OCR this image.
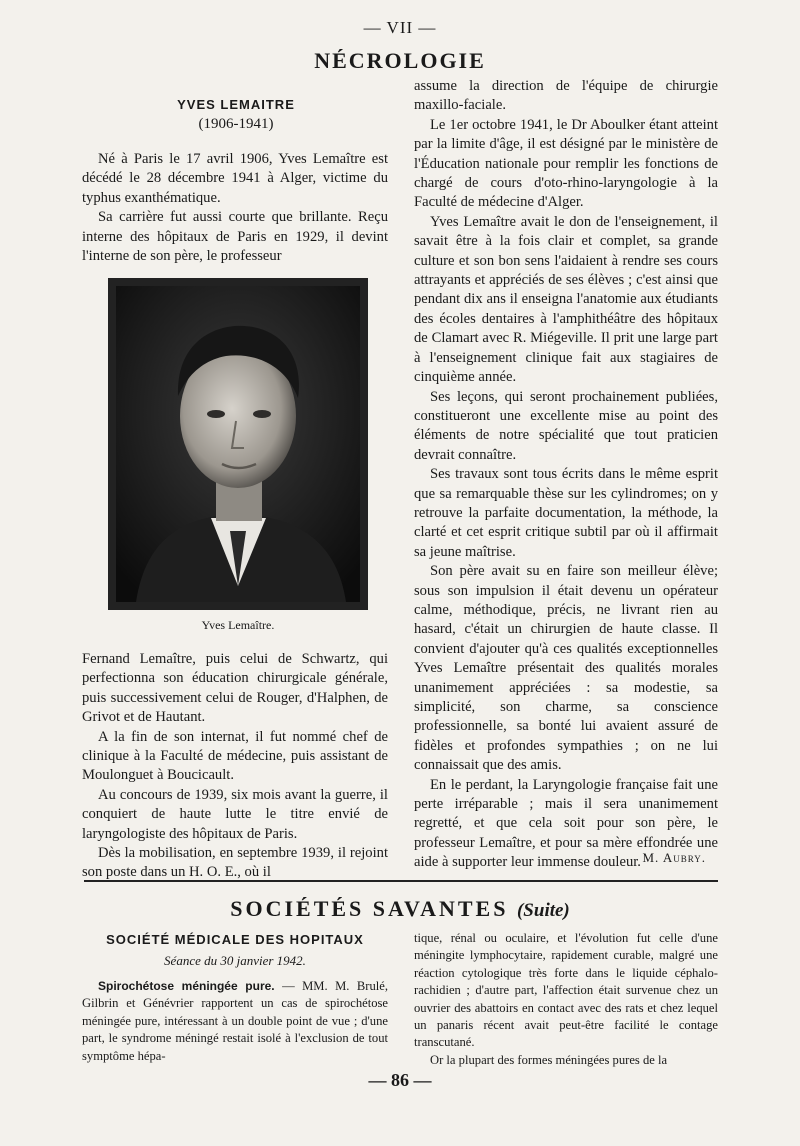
— VII —
NÉCROLOGIE
YVES LEMAITRE
(1906-1941)

Né à Paris le 17 avril 1906, Yves Lemaître est décédé le 28 décembre 1941 à Alger, victime du typhus exanthématique.

Sa carrière fut aussi courte que brillante. Reçu interne des hôpitaux de Paris en 1929, il devint l'interne de son père, le professeur

Yves Lemaître.

Fernand Lemaître, puis celui de Schwartz, qui perfectionna son éducation chirurgicale générale, puis successivement celui de Rouger, d'Halphen, de Grivot et de Hautant.

A la fin de son internat, il fut nommé chef de clinique à la Faculté de médecine, puis assistant de Moulonguet à Boucicault.

Au concours de 1939, six mois avant la guerre, il conquiert de haute lutte le titre envié de laryngologiste des hôpitaux de Paris.

Dès la mobilisation, en septembre 1939, il rejoint son poste dans un H. O. E., où il

assume la direction de l'équipe de chirurgie maxillo-faciale.

Le 1er octobre 1941, le Dr Aboulker étant atteint par la limite d'âge, il est désigné par le ministère de l'Éducation nationale pour remplir les fonctions de chargé de cours d'oto-rhino-laryngologie à la Faculté de médecine d'Alger.

Yves Lemaître avait le don de l'enseignement, il savait être à la fois clair et complet, sa grande culture et son bon sens l'aidaient à rendre ses cours attrayants et appréciés de ses élèves ; c'est ainsi que pendant dix ans il enseigna l'anatomie aux étudiants des écoles dentaires à l'amphithéâtre des hôpitaux de Clamart avec R. Miégeville. Il prit une large part à l'enseignement clinique fait aux stagiaires de cinquième année.

Ses leçons, qui seront prochainement publiées, constitueront une excellente mise au point des éléments de notre spécialité que tout praticien devrait connaître.

Ses travaux sont tous écrits dans le même esprit que sa remarquable thèse sur les cylindromes; on y retrouve la parfaite documentation, la méthode, la clarté et cet esprit critique subtil par où il affirmait sa jeune maîtrise.

Son père avait su en faire son meilleur élève; sous son impulsion il était devenu un opérateur calme, méthodique, précis, ne livrant rien au hasard, c'était un chirurgien de haute classe. Il convient d'ajouter qu'à ces qualités exceptionnelles Yves Lemaître présentait des qualités morales unanimement appréciées : sa modestie, sa simplicité, son charme, sa conscience professionnelle, sa bonté lui avaient assuré de fidèles et profondes sympathies ; on ne lui connaissait que des amis.

En le perdant, la Laryngologie française fait une perte irréparable ; mais il sera unanimement regretté, et que cela soit pour son père, le professeur Lemaître, et pour sa mère effondrée une aide à supporter leur immense douleur. M. Aubry.
SOCIÉTÉS SAVANTES (Suite)
SOCIÉTÉ MÉDICALE DES HOPITAUX
Séance du 30 janvier 1942.

Spirochétose méningée pure. — MM. M. Brulé, Gilbrin et Génévrier rapportent un cas de spirochétose méningée pure, intéressant à un double point de vue ; d'une part, le syndrome méningé restait isolé à l'exclusion de tout symptôme hépa-

tique, rénal ou oculaire, et l'évolution fut celle d'une méningite lymphocytaire, rapidement curable, malgré une réaction cytologique très forte dans le liquide céphalo-rachidien ; d'autre part, l'affection était survenue chez un ouvrier des abattoirs en contact avec des rats et chez lequel un panaris récent avait peut-être facilité le contage transcutané.

Or la plupart des formes méningées pures de la

— 86 —
